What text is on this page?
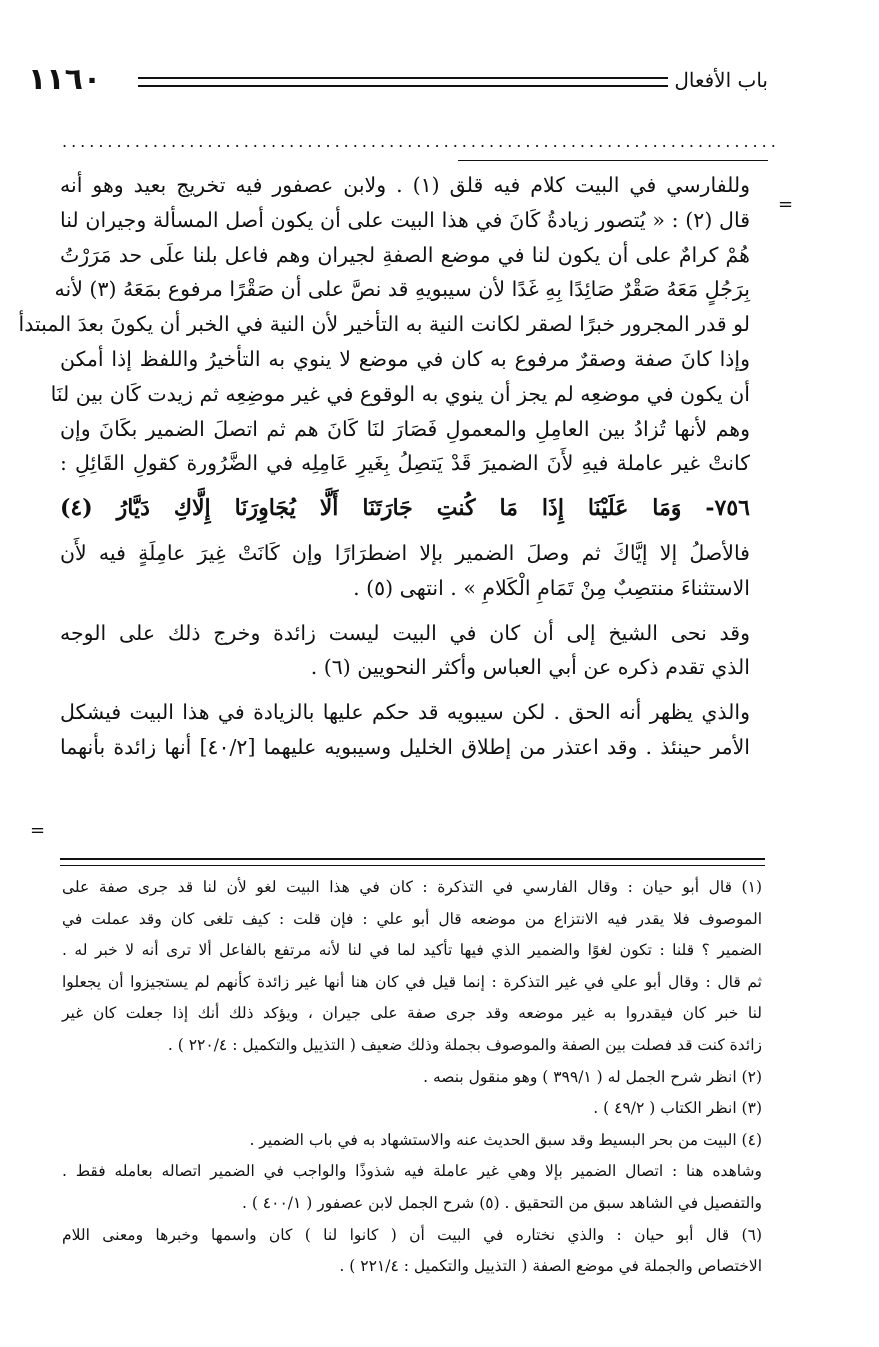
١١٦٠	باب الأفعال
...............................................................................
=
=
وللفارسي في البيت كلام فيه قلق (١) . ولابن عصفور فيه تخريج بعيد وهو أنه
قال (٢) : « يُتصور زيادةُ كَانَ في هذا البيت على أن يكون أصل المسألة وجيران لنا
هُمْ كرامٌ على أن يكون لنا في موضع الصفةِ لجيران وهم فاعل بلنا علَى حد مَرَرْتُ
بِرَجُلٍ مَعَهُ صَقْرٌ صَائِدًا بِهِ غَدًا لأن سيبويهِ قد نصَّ على أن صَقْرًا مرفوع بمَعَهُ (٣) لأنه
لو قدر المجرور خبرًا لصقر لكانت النية به التأخير لأن النية في الخبر أن يكونَ بعدَ المبتدأ
وإذا كانَ صفة وصقرٌ مرفوع به كان في موضع لا ينوي به التأخيرُ واللفظ إذا أمكن
أن يكون في موضعِه لم يجز أن ينوي به الوقوع في غير موضِعِه ثم زيدت كَان بين لنَا
وهم لأنها تُزادُ بين العامِلِ والمعمولِ فَصَارَ لنَا كَانَ هم ثم اتصلَ الضمير بكَانَ وإن
كانتْ غير عاملة فيهِ لأَنَ الضميرَ قَدْ يَتصِلُ بِغَيرِ عَامِلِه في الضَّرُورة كقولِ القَائِلِ :
٧٥٦- وَمَا عَلَيْنَا إِذَا مَا كُنتِ جَارَتَنَا أَلَّا يُجَاوِرَنَا إِلَّاكِ دَيَّارُ (٤)
فالأصلُ إلا إيَّاكَ ثم وصلَ الضمير بإلا اضطرَارًا وإن كَانَتْ غِيرَ عامِلَةٍ فيه لأَن
الاستثناءَ منتصِبٌ مِنْ تَمَامِ الْكَلامِ » . انتهى (٥) .
وقد نحى الشيخ إلى أن كان في البيت ليست زائدة وخرج ذلك على الوجه
الذي تقدم ذكره عن أبي العباس وأكثر النحويين (٦) .
والذي يظهر أنه الحق . لكن سيبويه قد حكم عليها بالزيادة في هذا البيت فيشكل
الأمر حينئذ . وقد اعتذر من إطلاق الخليل وسيبويه عليهما [٤٠/٢] أنها زائدة بأنهما
(١) قال أبو حيان : وقال الفارسي في التذكرة : كان في هذا البيت لغو لأن لنا قد جرى صفة على
الموصوف فلا يقدر فيه الانتزاع من موضعه قال أبو علي : فإن قلت : كيف تلغى كان وقد عملت في
الضمير ؟ قلنا : تكون لغوًا والضمير الذي فيها تأكيد لما في لنا لأنه مرتفع بالفاعل ألا ترى أنه لا خبر له .
ثم قال : وقال أبو علي في غير التذكرة : إنما قيل في كان هنا أنها غير زائدة كأنهم لم يستجيزوا أن يجعلوا
لنا خبر كان فيقدروا به غير موضعه وقد جرى صفة على جيران ، ويؤكد ذلك أنك إذا جعلت كان غير
زائدة كنت قد فصلت بين الصفة والموصوف بجملة وذلك ضعيف ( التذييل والتكميل : ٢٢٠/٤ ) .
(٢) انظر شرح الجمل له ( ٣٩٩/١ ) وهو منقول بنصه .
(٣) انظر الكتاب ( ٤٩/٢ ) .
(٤) البيت من بحر البسيط وقد سبق الحديث عنه والاستشهاد به في باب الضمير .
وشاهده هنا : اتصال الضمير بإلا وهي غير عاملة فيه شذوذًا والواجب في الضمير اتصاله بعامله فقط .
والتفصيل في الشاهد سبق من التحقيق . (٥) شرح الجمل لابن عصفور ( ٤٠٠/١ ) .
(٦) قال أبو حيان : والذي نختاره في البيت أن ( كانوا لنا ) كان واسمها وخبرها ومعنى اللام
الاختصاص والجملة في موضع الصفة ( التذييل والتكميل : ٢٢١/٤ ) .
